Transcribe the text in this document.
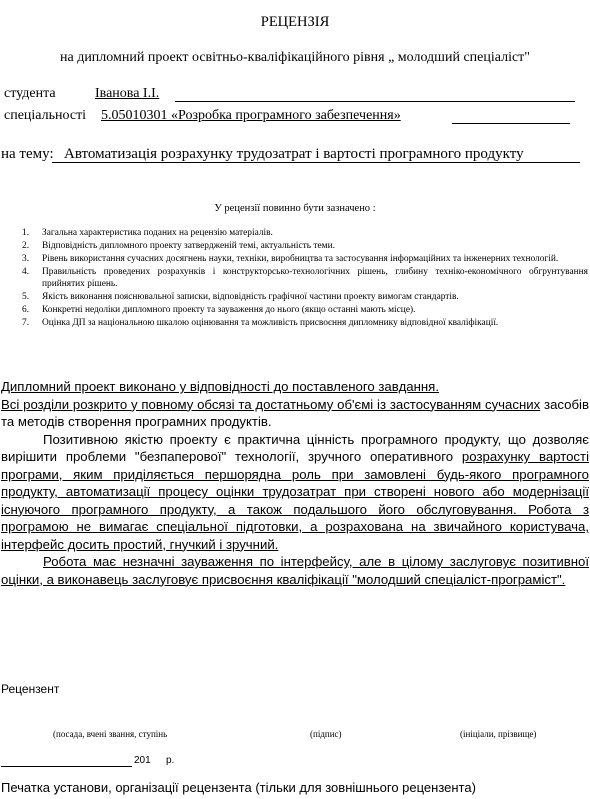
РЕЦЕНЗІЯ
на дипломний проект освітньо-кваліфікаційного рівня „ молодший спеціаліст"
студента	Іванова І.І.
спеціальності 5.05010301 «Розробка програмного забезпечення»
на тему: Автоматизація розрахунку трудозатрат і вартості програмного продукту
У рецензії повинно бути зазначено :
1. Загальна характеристика поданих на рецензію матеріалів.
2. Відповідність дипломного проекту затвердженій темі, актуальність теми.
3. Рівень використання сучасних досягнень науки, техніки, виробництва та застосування інформаційних та інженерних технологій.
4. Правильність проведених розрахунків і конструкторсько-технологічних рішень, глибину техніко-економічного обгрунтування прийнятих рішень.
5. Якість виконання пояснювальної записки, відповідність графічної частини проекту вимогам стандартів.
6. Конкретні недоліки дипломного проекту та зауваження до нього (якщо останні мають місце).
7. Оцінка ДП за національною шкалою оцінювання та можливість присвоєння дипломнику відповідної кваліфікації.

Дипломний проект виконано у відповідності до поставленого завдання.

Всі розділи розкрито у повному обсязі та достатньому об'ємі із застосуванням сучасних засобів та методів створення програмних продуктів.

Позитивною якістю проекту є практична цінність програмного продукту, що дозволяє вирішити проблеми "безпаперової" технології, зручного оперативного розрахунку вартості програми, яким приділяється першорядна роль при замовлені будь-якого програмного продукту, автоматизації процесу оцінки трудозатрат при створені нового або модернізації існуючого програмного продукту, а також подальшого його обслуговування. Робота з програмою не вимагає спеціальної підготовки, а розрахована на звичайного користувача, інтерфейс досить простий, гнучкий і зручний.

Робота має незначні зауваження по інтерфейсу, але в цілому заслуговує позитивної оцінки, а виконавець заслуговує присвоєння кваліфікації "молодший спеціаліст-програміст".

Рецензент
(посада, вчені звання, ступінь	(підпис)	(ініціали, прізвище)
201 р.
Печатка установи, організації рецензента (тільки для зовнішнього рецензента)
